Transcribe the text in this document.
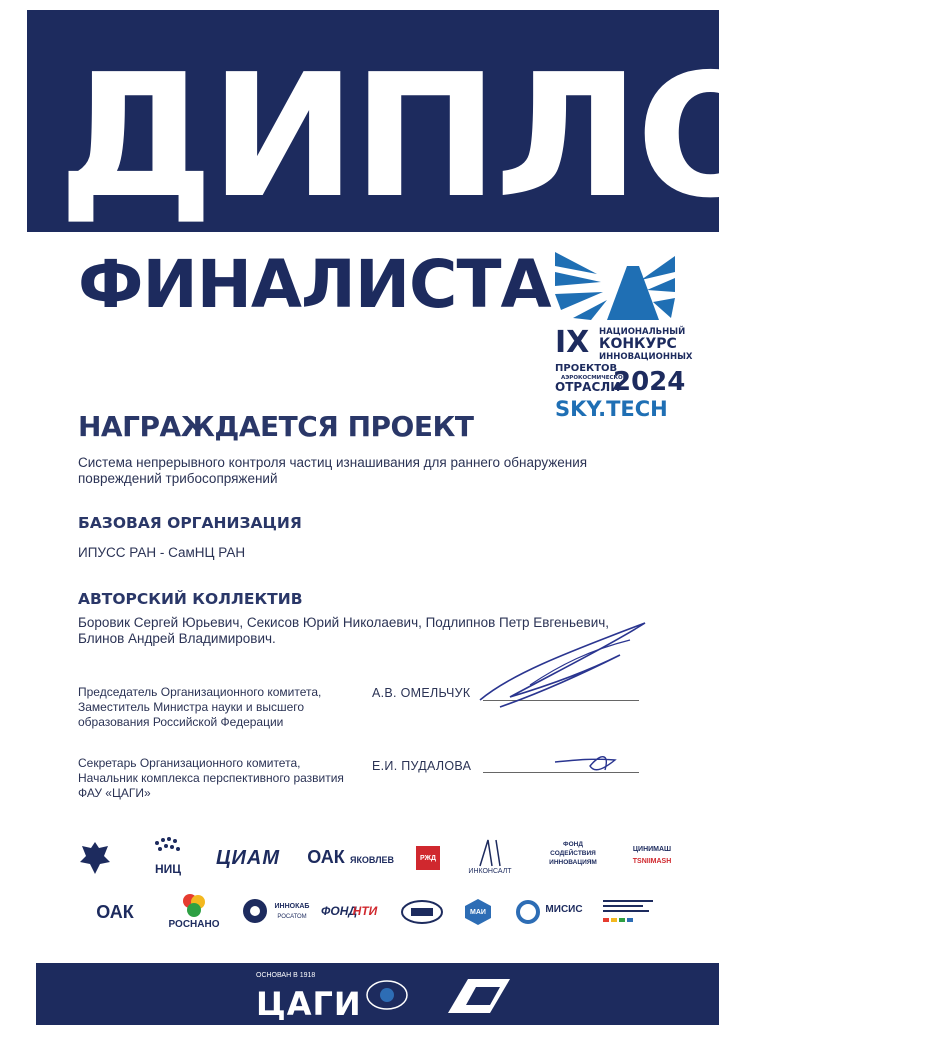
ДИПЛОМ
ФИНАЛИСТА
IX НАЦИОНАЛЬНЫЙ
КОНКУРС
ИННОВАЦИОННЫХ
ПРОЕКТОВ
АЭРОКОСМИЧЕСКОЙ
ОТРАСЛИ
2024
SKY.TECH
НАГРАЖДАЕТСЯ ПРОЕКТ
Система непрерывного контроля частиц изнашивания для раннего обнаружения повреждений трибосопряжений
БАЗОВАЯ ОРГАНИЗАЦИЯ
ИПУСС РАН - СамНЦ РАН
АВТОРСКИЙ КОЛЛЕКТИВ
Боровик Сергей Юрьевич, Секисов Юрий Николаевич, Подлипнов Петр Евгеньевич, Блинов Андрей Владимирович.
Председатель Организационного комитета, Заместитель Министра науки и высшего образования Российской Федерации
А.В. ОМЕЛЬЧУК
Секретарь Организационного комитета, Начальник комплекса перспективного развития ФАУ «ЦАГИ»
Е.И. ПУДАЛОВА
НИЦ
ЦИАМ ОАК ЯКОВЛЕВ	РЖД
ИНКОНСАЛТ
ФОНД СОДЕЙСТВИЯ ИННОВАЦИЯМ
ЦИНИМАШ
TSNIIMASH
ОАК
РОСНАНО
ИННОКАБ
РОСАТОМ	ФОНД
НТИ	МАИ	МИСИС
ОСНОВАН В 1918
ЦАГИ
